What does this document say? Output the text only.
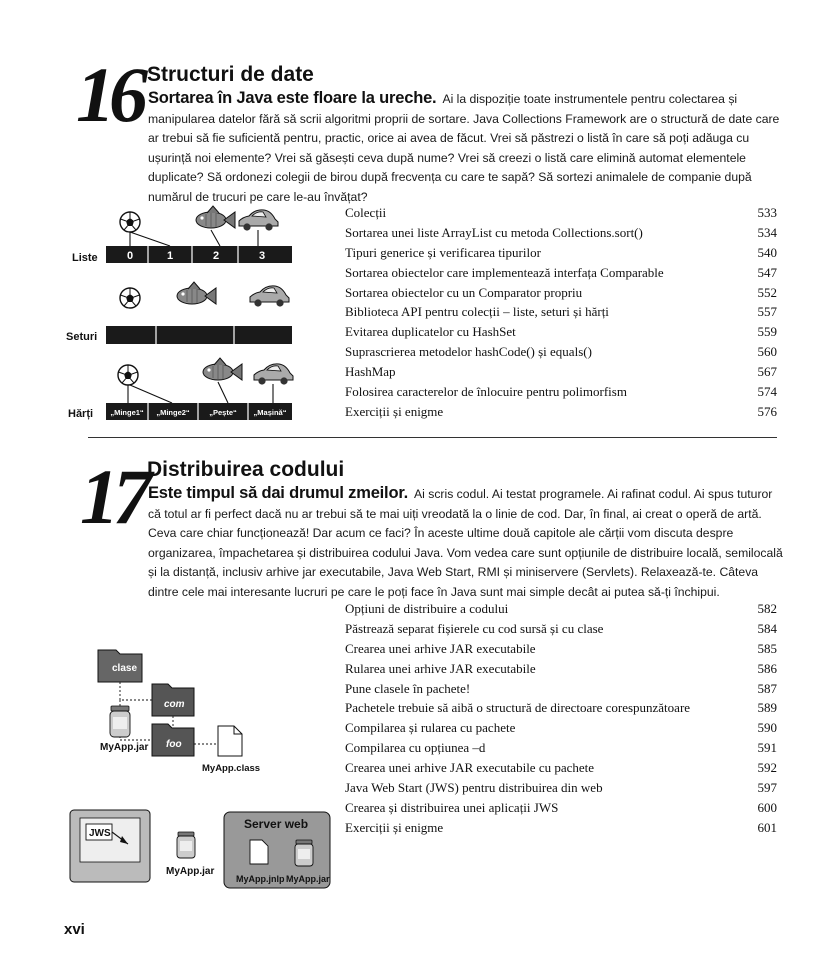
16 Structuri de date
Sortarea în Java este floare la ureche. Ai la dispoziție toate instrumentele pentru colectarea și manipularea datelor fără să scrii algoritmi proprii de sortare. Java Collections Framework are o structură de date care ar trebui să fie suficientă pentru, practic, orice ai avea de făcut. Vrei să păstrezi o listă în care să poți adăuga cu ușurință noi elemente? Vrei să găsești ceva după nume? Vrei să creezi o listă care elimină automat elementele duplicate? Să ordonezi colegii de birou după frecvența cu care te sapă? Să sortezi animalele de companie după numărul de trucuri pe care le-au învățat?
0	1	2	3
Liste
Seturi
„Minge1“ „Minge2“	„Pește“ „Mașină“
Hărți
Colecții	533
Sortarea unei liste ArrayList cu metoda Collections.sort()	534
Tipuri generice și verificarea tipurilor	540
Sortarea obiectelor care implementează interfața Comparable	547
Sortarea obiectelor cu un Comparator propriu	552
Biblioteca API pentru colecții – liste, seturi și hărți	557
Evitarea duplicatelor cu HashSet	559
Suprascrierea metodelor hashCode() și equals()	560
HashMap	567
Folosirea caracterelor de înlocuire pentru polimorfism	574
Exerciții și enigme	576
17 Distribuirea codului
Este timpul să dai drumul zmeilor. Ai scris codul. Ai testat programele. Ai rafinat codul. Ai spus tuturor că totul ar fi perfect dacă nu ar trebui să te mai uiți vreodată la o linie de cod. Dar, în final, ai creat o operă de artă. Ceva care chiar funcționează! Dar acum ce faci? În aceste ultime două capitole ale cărții vom discuta despre organizarea, împachetarea și distribuirea codului Java. Vom vedea care sunt opțiunile de distribuire locală, semilocală și la distanță, inclusiv arhive jar executabile, Java Web Start, RMI și miniservere (Servlets). Relaxează-te. Câteva dintre cele mai interesante lucruri pe care le poți face în Java sunt mai simple decât ai putea să-ți închipui.
clase
MyApp.jar
com
foo
MyApp.class
JWS
MyApp.jar
Server web
MyApp.jnlp MyApp.jar
Opțiuni de distribuire a codului	582
Păstrează separat fișierele cu cod sursă și cu clase	584
Crearea unei arhive JAR executabile	585
Rularea unei arhive JAR executabile	586
Pune clasele în pachete!	587
Pachetele trebuie să aibă o structură de directoare corespunzătoare	589
Compilarea și rularea cu pachete	590
Compilarea cu opțiunea –d	591
Crearea unei arhive JAR executabile cu pachete	592
Java Web Start (JWS) pentru distribuirea din web	597
Crearea și distribuirea unei aplicații JWS	600
Exerciții și enigme	601
xvi
